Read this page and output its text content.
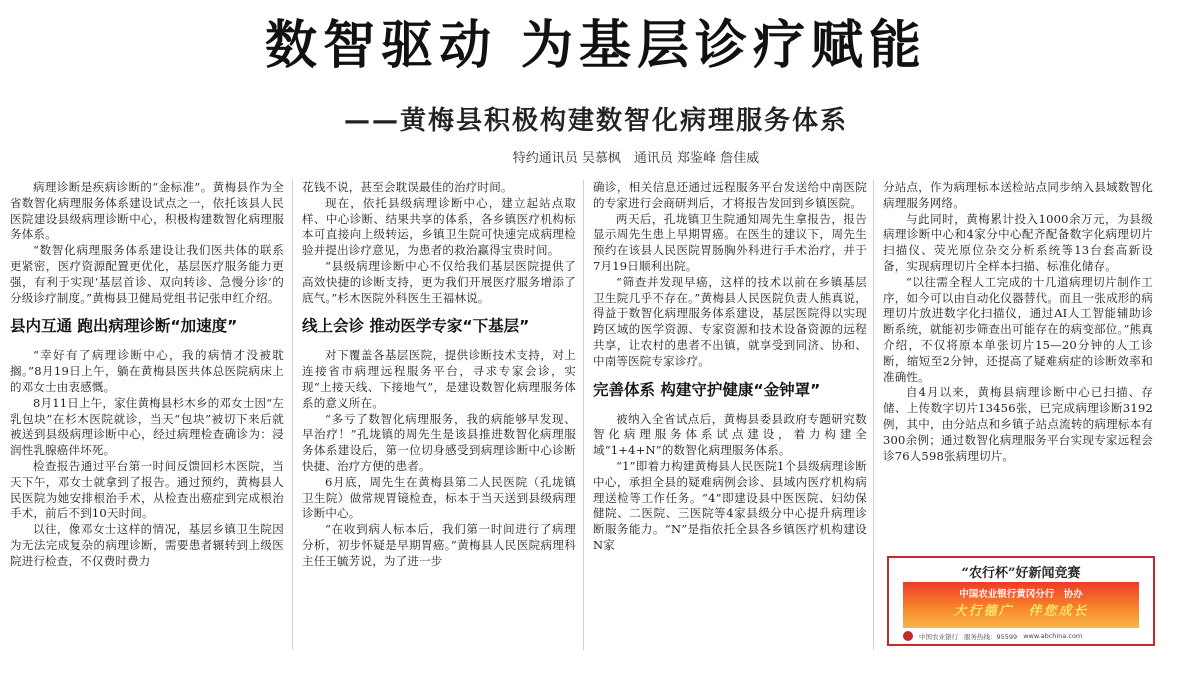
数智驱动 为基层诊疗赋能
——黄梅县积极构建数智化病理服务体系
特约通讯员 吴慕枫　通讯员 郑鉴峰 詹佳威

病理诊断是疾病诊断的“金标准”。黄梅县作为全省数智化病理服务体系建设试点之一，依托该县人民医院建设县级病理诊断中心，积极构建数智化病理服务体系。

“数智化病理服务体系建设让我们医共体的联系更紧密，医疗资源配置更优化，基层医疗服务能力更强，有利于实现‘基层首诊、双向转诊、急慢分诊’的分级诊疗制度。”黄梅县卫健局党组书记张申红介绍。

县内互通 跑出病理诊断“加速度”

“幸好有了病理诊断中心，我的病情才没被耽搁。”8月19日上午，躺在黄梅县医共体总医院病床上的邓女士由衷感慨。

8月11日上午，家住黄梅县杉木乡的邓女士因“左乳包块”在杉木医院就诊，当天“包块”被切下来后就被送到县级病理诊断中心，经过病理检查确诊为：浸润性乳腺癌伴坏死。

检查报告通过平台第一时间反馈回杉木医院，当天下午，邓女士就拿到了报告。通过预约，黄梅县人民医院为她安排根治手术，从检查出癌症到完成根治手术，前后不到10天时间。

以往，像邓女士这样的情况，基层乡镇卫生院因为无法完成复杂的病理诊断，需要患者辗转到上级医院进行检查，不仅费时费力

花钱不说，甚至会耽误最佳的治疗时间。

现在，依托县级病理诊断中心，建立起站点取样、中心诊断、结果共享的体系，各乡镇医疗机构标本可直接向上级转运，乡镇卫生院可快速完成病理检验并提出诊疗意见，为患者的救治赢得宝贵时间。

“县级病理诊断中心不仅给我们基层医院提供了高效快捷的诊断支持，更为我们开展医疗服务增添了底气。”杉木医院外科医生王福林说。

线上会诊 推动医学专家“下基层”

对下覆盖各基层医院，提供诊断技术支持，对上连接省市病理远程服务平台，寻求专家会诊，实现“上接天线、下接地气”，是建设数智化病理服务体系的意义所在。

“多亏了数智化病理服务，我的病能够早发现、早治疗！”孔垅镇的周先生是该县推进数智化病理服务体系建设后，第一位切身感受到病理诊断中心诊断快捷、治疗方便的患者。

6月底，周先生在黄梅县第二人民医院（孔垅镇卫生院）做常规胃镜检查，标本于当天送到县级病理诊断中心。

“在收到病人标本后，我们第一时间进行了病理分析，初步怀疑是早期胃癌。”黄梅县人民医院病理科主任王毓芳说，为了进一步

确诊，相关信息还通过远程服务平台发送给中南医院的专家进行会商研判后，才将报告发回到乡镇医院。

两天后，孔垅镇卫生院通知周先生拿报告，报告显示周先生患上早期胃癌。在医生的建议下，周先生预约在该县人民医院胃肠胸外科进行手术治疗，并于7月19日顺利出院。

“筛查并发现早癌，这样的技术以前在乡镇基层卫生院几乎不存在。”黄梅县人民医院负责人熊真说，得益于数智化病理服务体系建设，基层医院得以实现跨区域的医学资源、专家资源和技术设备资源的远程共享，让农村的患者不出镇，就享受到同济、协和、中南等医院专家诊疗。

完善体系 构建守护健康“金钟罩”

被纳入全省试点后，黄梅县委县政府专题研究数智化病理服务体系试点建设，着力构建全域“1+4+N”的数智化病理服务体系。

“1”即着力构建黄梅县人民医院1个县级病理诊断中心，承担全县的疑难病例会诊、县域内医疗机构病理送检等工作任务。“4”即建设县中医医院、妇幼保健院、二医院、三医院等4家县级分中心提升病理诊断服务能力。“N”是指依托全县各乡镇医疗机构建设N家

分站点，作为病理标本送检站点同步纳入县域数智化病理服务网络。

与此同时，黄梅累计投入1000余万元，为县级病理诊断中心和4家分中心配齐配备数字化病理切片扫描仪、荧光原位杂交分析系统等13台套高新设备，实现病理切片全样本扫描、标准化储存。

“以往需全程人工完成的十几道病理切片制作工序，如今可以由自动化仪器替代。而且一张成形的病理切片放进数字化扫描仪，通过AI人工智能辅助诊断系统，就能初步筛查出可能存在的病变部位。”熊真介绍，不仅将原本单张切片15—20分钟的人工诊断，缩短至2分钟，还提高了疑难病症的诊断效率和准确性。

自4月以来，黄梅县病理诊断中心已扫描、存储、上传数字切片13456张，已完成病理诊断3192例，其中，由分站点和乡镇子站点流转的病理标本有300余例；通过数智化病理服务平台实现专家远程会诊76人598张病理切片。

“农行杯”好新闻竞赛
中国农业银行黄冈分行　协办
大行德广　伴您成长
中国农业银行 服务热线：95599 www.abchina.com
